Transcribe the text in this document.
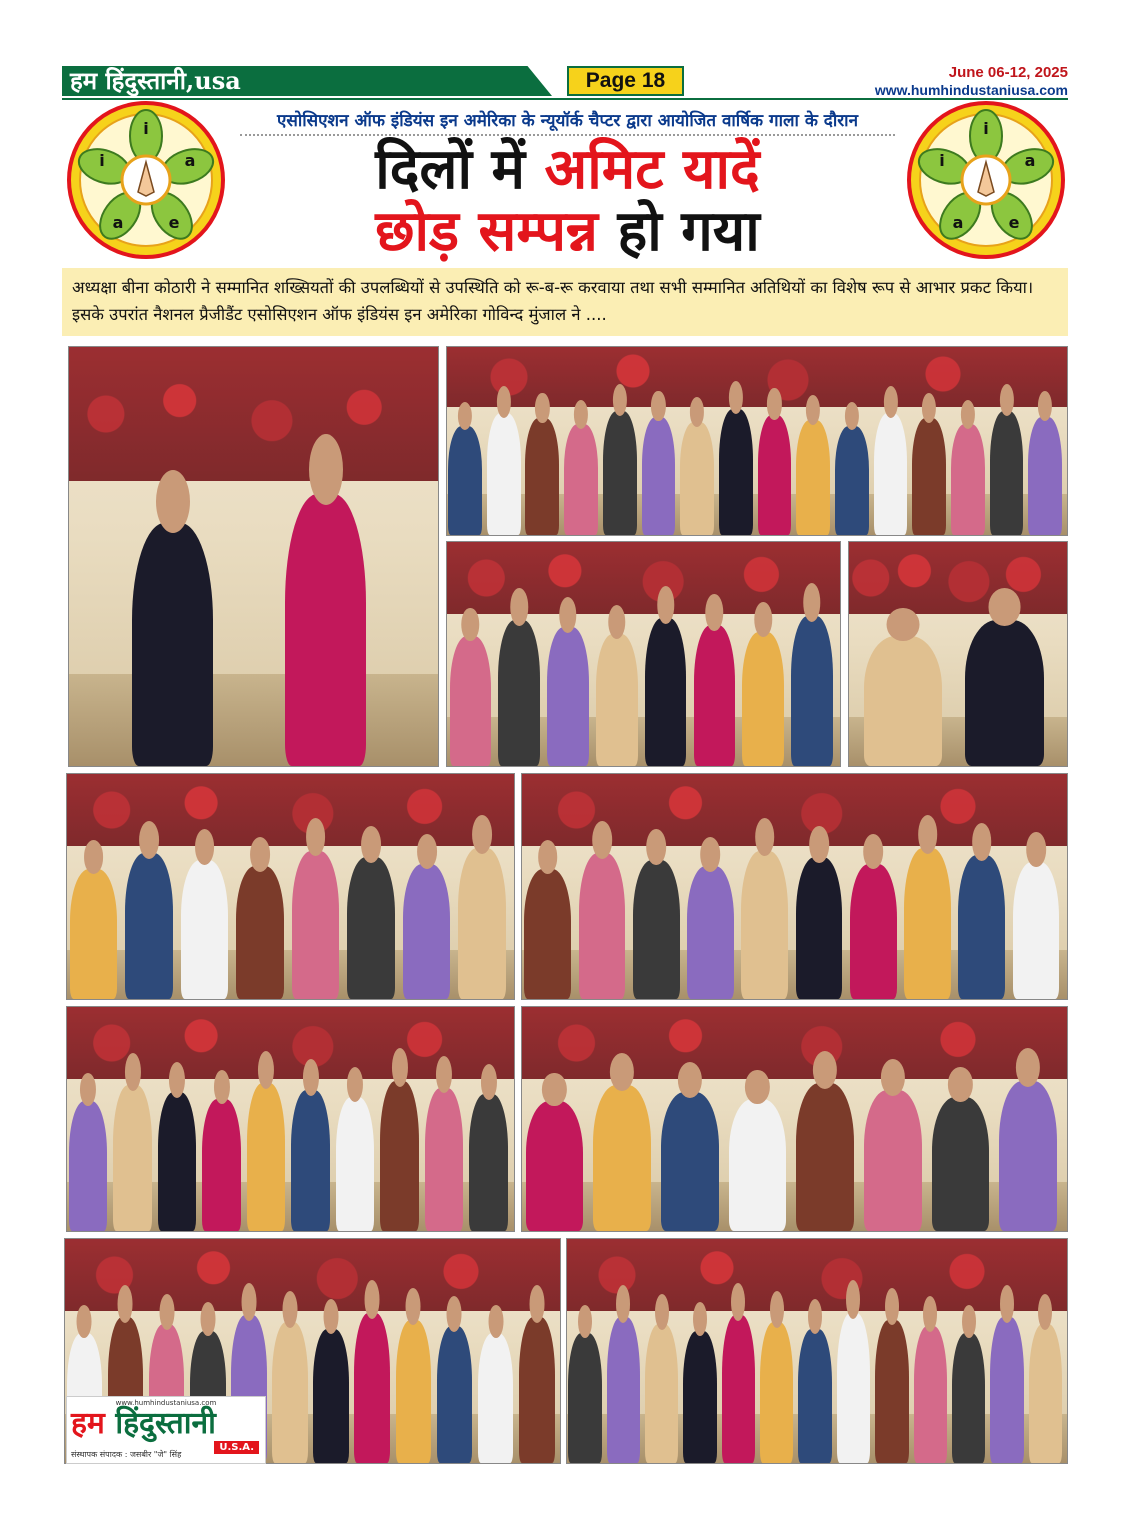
हम हिंदुस्तानी,usa	Page 18	June 06-12, 2025
www.humhindustaniusa.com
i
a
e
a
i
i
a
e
a
i
एसोसिएशन ऑफ इंडियंस इन अमेरिका के न्यूयॉर्क चैप्टर द्वारा आयोजित वार्षिक गाला के दौरान
दिलों में अमिट यादें
छोड़ सम्पन्न हो गया
अध्यक्षा बीना कोठारी ने सम्मानित शख्सियतों की उपलब्धियों से उपस्थिति को रू-ब-रू करवाया तथा सभी सम्मानित अतिथियों का विशेष रूप से आभार प्रकट किया। इसके उपरांत नैशनल प्रैजीडैंट एसोसिएशन ऑफ इंडियंस इन अमेरिका गोविन्द मुंजाल ने ....
www.humhindustaniusa.com
हम हिंदुस्तानी
U.S.A.
संस्थापक संपादक : जसबीर "जे" सिंह
